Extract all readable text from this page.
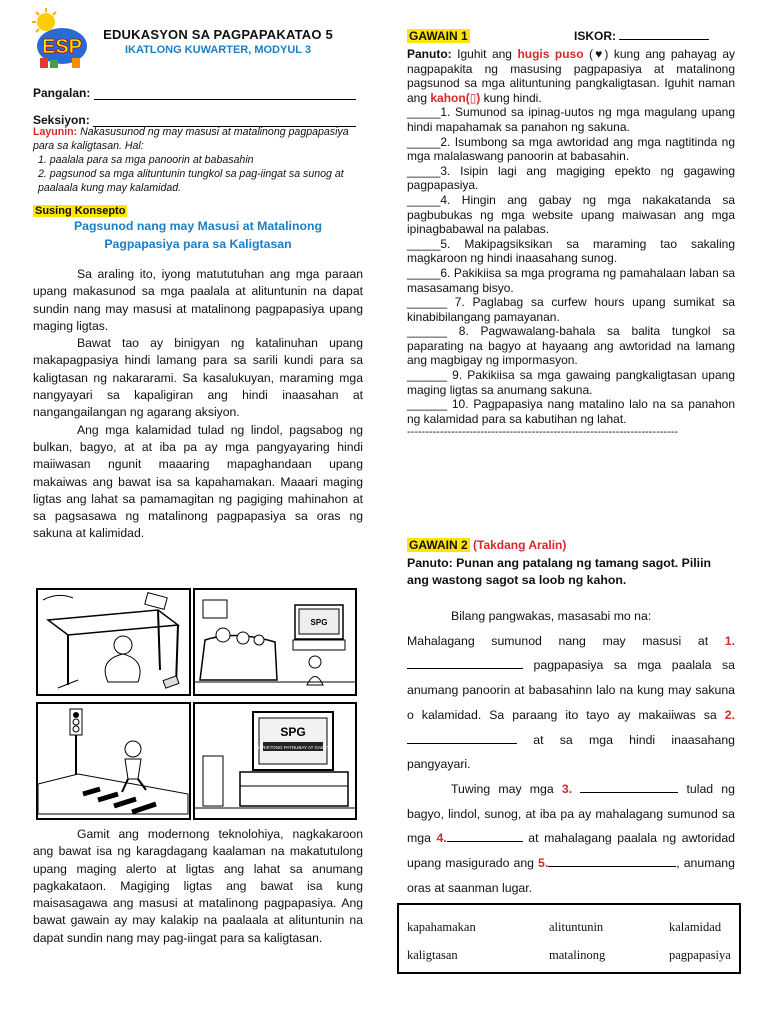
ESP
EDUKASYON SA PAGPAPAKATAO 5
IKATLONG KUWARTER, MODYUL 3
Pangalan:
Seksiyon:
Layunin: Nakasusunod ng may masusi at matalinong pagpapasiya para sa kaligtasan. Hal:
1. paalala para sa mga panoorin at babasahin
2. pagsunod sa mga alituntunin tungkol sa pag-iingat sa sunog at paalaala kung may kalamidad.
Susing Konsepto
Pagsunod nang may Masusi at Matalinong
Pagpapasiya para sa Kaligtasan

Sa araling ito, iyong matututuhan ang mga paraan upang makasunod sa mga paalala at alituntunin na dapat sundin nang may masusi at matalinong pagpapasiya upang maging ligtas.

Bawat tao ay binigyan ng katalinuhan upang makapagpasiya hindi lamang para sa sarili kundi para sa kaligtasan ng nakararami. Sa kasalukuyan, maraming mga nangyayari sa kapaligiran ang hindi inaasahan at nangangailangan ng agarang aksiyon.

Ang mga kalamidad tulad ng lindol, pagsabog ng bulkan, bagyo, at at iba pa ay mga pangyayaring hindi maiiwasan ngunit maaaring mapaghandaan upang makaiwas ang bawat isa sa kapahamakan. Maaari maging ligtas ang lahat sa pamamagitan ng pagiging mahinahon at sa pagsasawa ng matalinong pagpapasiya sa oras ng sakuna at kalimidad.

SPG
SPG
STRIKTONG PATNUBAY AT GABAY

Gamit ang modernong teknolohiya, nagkakaroon ang bawat isa ng karagdagang kaalaman na makatutulong upang maging alerto at ligtas ang lahat sa anumang pagkakataon. Magiging ligtas ang bawat isa kung maisasagawa ang masusi at matalinong pagpapasiya. Ang bawat gawain ay may kalakip na paalaala at alituntunin na dapat sundin nang may pag-iingat para sa kaligtasan.

GAWAIN 1	ISKOR:

Panuto: Iguhit ang hugis puso (♥) kung ang pahayag ay nagpapakita ng masusing pagpapasiya at matalinong pagsunod sa mga alituntuning pangkaligtasan. Iguhit naman ang kahon(▯) kung hindi.

_____1. Sumunod sa ipinag-uutos ng mga magulang upang hindi mapahamak sa panahon ng sakuna.

_____2. Isumbong sa mga awtoridad ang mga nagtitinda ng mga malalaswang panoorin at babasahin.

_____3. Isipin lagi ang magiging epekto ng gagawing pagpapasiya.

_____4. Hingin ang gabay ng mga nakakatanda sa pagbubukas ng mga website upang maiwasan ang mga ipinagbabawal na palabas.

_____5. Makipagsiksikan sa maraming tao sakaling magkaroon ng hindi inaasahang sunog.

_____6. Pakikiisa sa mga programa ng pamahalaan laban sa masasamang bisyo.

______ 7. Paglabag sa curfew hours upang sumikat sa kinabibilangang pamayanan.

______ 8. Pagwawalang-bahala sa balita tungkol sa paparating na bagyo at hayaang ang awtoridad na lamang ang magbigay ng impormasyon.

______ 9. Pakikiisa sa mga gawaing pangkaligtasan upang maging ligtas sa anumang sakuna.

______ 10. Pagpapasiya nang matalino lalo na sa panahon ng kalamidad para sa kabutihan ng lahat.

--------------------------------------------------------------------------
GAWAIN 2 (Takdang Aralin)
Panuto: Punan ang patalang ng tamang sagot. Piliin ang wastong sagot sa loob ng kahon.

Bilang pangwakas, masasabi mo na:

Mahalagang sumunod nang may masusi at 1. pagpapasiya sa mga paalala sa anumang panoorin at babasahinn lalo na kung may sakuna o kalamidad. Sa paraang ito tayo ay makaiiwas sa 2.  at sa mga hindi inaasahang pangyayari.

Tuwing may mga 3.	tulad ng bagyo, lindol, sunog, at iba pa ay mahalagang sumunod sa mga 4.	at mahalagang paalala ng awtoridad upang masigurado ang 5.	, anumang oras at saanman lugar.

kapahamakan	alituntunin	kalamidad
kaligtasan	matalinong	pagpapasiya
